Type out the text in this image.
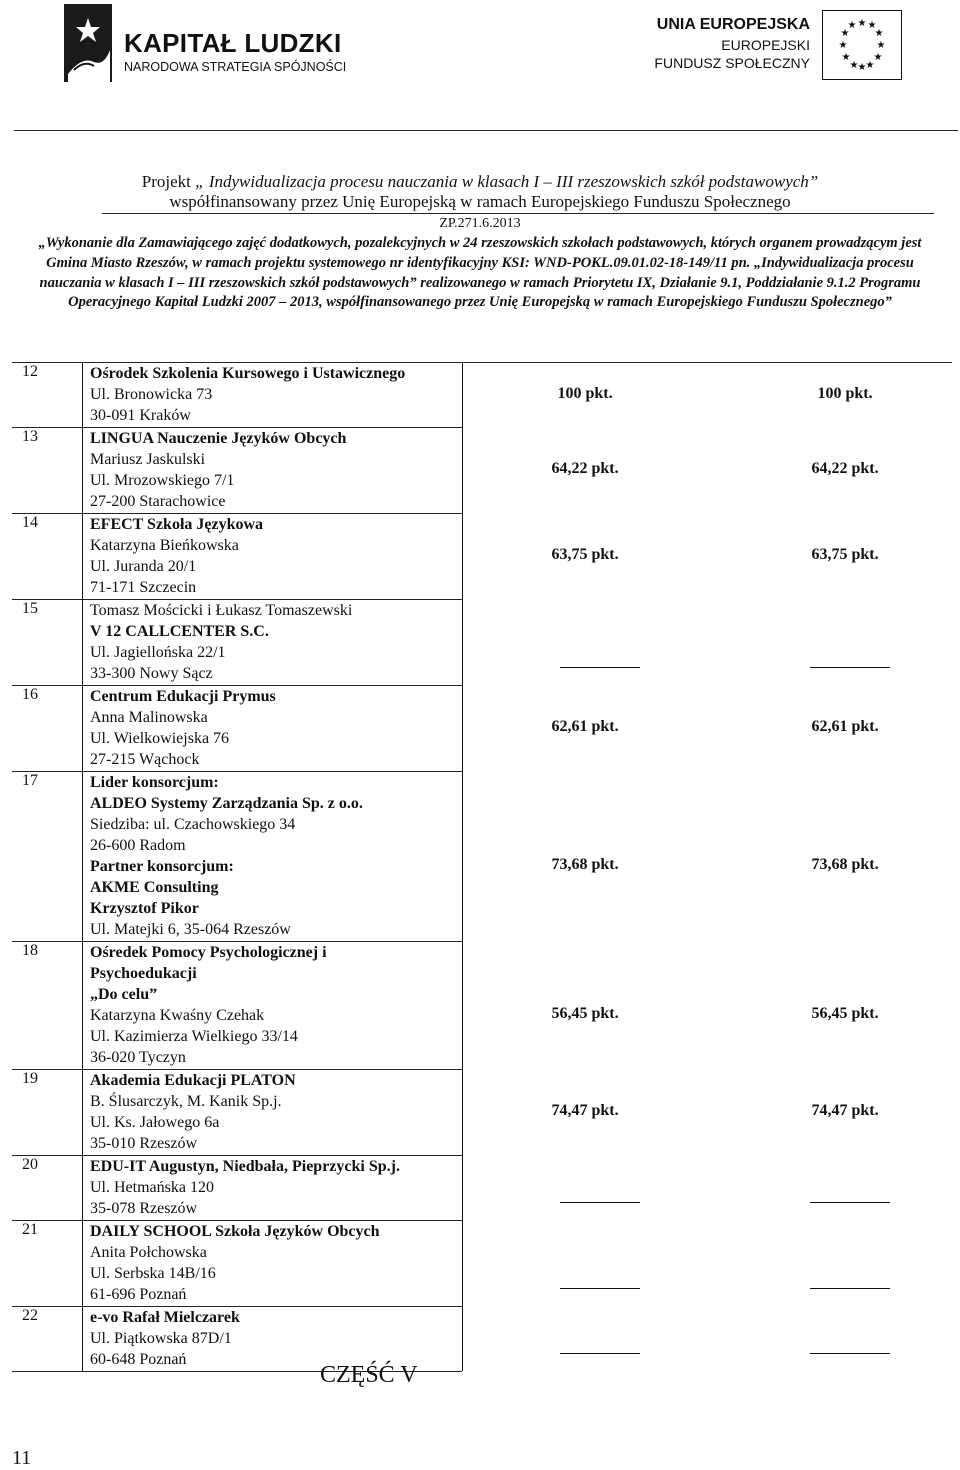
KAPITAŁ LUDZKI
NARODOWA STRATEGIA SPÓJNOŚCI
UNIA EUROPEJSKA
EUROPEJSKI
FUNDUSZ SPOŁECZNY
★ ★
★
★
★
★
★
★
★
★
★ ★
Projekt „ Indywidualizacja procesu nauczania w klasach I – III rzeszowskich szkół podstawowych”
współfinansowany przez Unię Europejską w ramach Europejskiego Funduszu Społecznego
ZP.271.6.2013
„Wykonanie dla Zamawiającego zajęć dodatkowych, pozalekcyjnych w 24 rzeszowskich szkołach podstawowych, których organem prowadzącym jest Gmina Miasto Rzeszów, w ramach projektu systemowego nr identyfikacyjny KSI: WND-POKL.09.01.02-18-149/11 pn. „Indywidualizacja procesu nauczania w klasach I – III rzeszowskich szkół podstawowych” realizowanego w ramach Priorytetu IX, Działanie 9.1, Poddziałanie 9.1.2 Programu Operacyjnego Kapitał Ludzki 2007 – 2013, współfinansowanego przez Unię Europejską w ramach Europejskiego Funduszu Społecznego”
12	Ośrodek Szkolenia Kursowego i Ustawicznego
Ul. Bronowicka 73
30-091 Kraków
100 pkt.	100 pkt.
13	LINGUA Nauczenie Języków Obcych
Mariusz Jaskulski
Ul. Mrozowskiego 7/1
27-200 Starachowice
64,22 pkt.	64,22 pkt.
14	EFECT Szkoła Językowa
Katarzyna Bieńkowska
Ul. Juranda 20/1
71-171 Szczecin
63,75 pkt.	63,75 pkt.
15	Tomasz Mościcki i Łukasz Tomaszewski
V 12 CALLCENTER S.C.
Ul. Jagiellońska 22/1
33-300 Nowy Sącz
16	Centrum Edukacji Prymus
Anna Malinowska
Ul. Wielkowiejska 76
27-215 Wąchock
62,61 pkt.	62,61 pkt.
17	Lider konsorcjum:
ALDEO Systemy Zarządzania Sp. z o.o.
Siedziba: ul. Czachowskiego 34
26-600 Radom
Partner konsorcjum:
AKME Consulting
Krzysztof Pikor
Ul. Matejki 6, 35-064 Rzeszów
73,68 pkt.	73,68 pkt.
18	Ośredek Pomocy Psychologicznej i
Psychoedukacji
„Do celu”
Katarzyna Kwaśny Czehak
Ul. Kazimierza Wielkiego 33/14
36-020 Tyczyn
56,45 pkt.	56,45 pkt.
19	Akademia Edukacji PLATON
B. Ślusarczyk, M. Kanik Sp.j.
Ul. Ks. Jałowego 6a
35-010 Rzeszów
74,47 pkt.	74,47 pkt.
20	EDU-IT Augustyn, Niedbała, Pieprzycki Sp.j.
Ul. Hetmańska 120
35-078 Rzeszów
21	DAILY SCHOOL Szkoła Języków Obcych
Anita Połchowska
Ul. Serbska 14B/16
61-696 Poznań
22	e-vo Rafał Mielczarek
Ul. Piątkowska 87D/1
60-648 Poznań
CZĘŚĆ V
11
